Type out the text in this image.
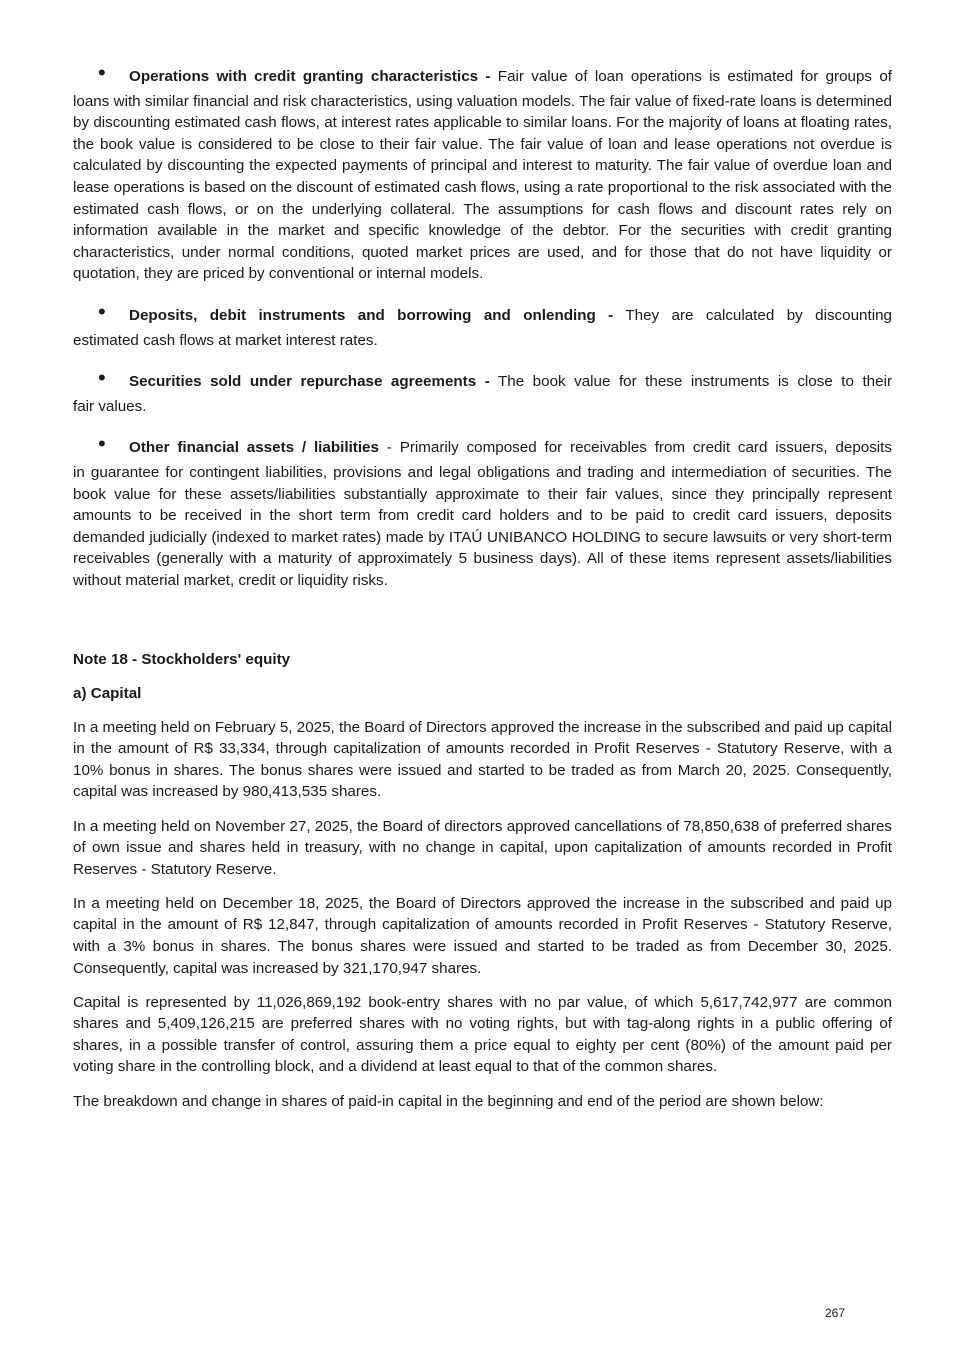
• Operations with credit granting characteristics - Fair value of loan operations is estimated for groups of
loans with similar financial and risk characteristics, using valuation models. The fair value of fixed-rate loans is determined by discounting estimated cash flows, at interest rates applicable to similar loans. For the majority of loans at floating rates, the book value is considered to be close to their fair value. The fair value of loan and lease operations not overdue is calculated by discounting the expected payments of principal and interest to maturity. The fair value of overdue loan and lease operations is based on the discount of estimated cash flows, using a rate proportional to the risk associated with the estimated cash flows, or on the underlying collateral. The assumptions for cash flows and discount rates rely on information available in the market and specific knowledge of the debtor. For the securities with credit granting characteristics, under normal conditions, quoted market prices are used, and for those that do not have liquidity or quotation, they are priced by conventional or internal models.
• Deposits, debit instruments and borrowing and onlending - They are calculated by discounting
estimated cash flows at market interest rates.
• Securities sold under repurchase agreements - The book value for these instruments is close to their
fair values.
• Other financial assets / liabilities - Primarily composed for receivables from credit card issuers, deposits
in guarantee for contingent liabilities, provisions and legal obligations and trading and intermediation of securities. The book value for these assets/liabilities substantially approximate to their fair values, since they principally represent amounts to be received in the short term from credit card holders and to be paid to credit card issuers, deposits demanded judicially (indexed to market rates) made by ITAÚ UNIBANCO HOLDING to secure lawsuits or very short-term receivables (generally with a maturity of approximately 5 business days). All of these items represent assets/liabilities without material market, credit or liquidity risks.
Note 18 - Stockholders' equity
a) Capital

In a meeting held on February 5, 2025, the Board of Directors approved the increase in the subscribed and paid up capital in the amount of R$ 33,334, through capitalization of amounts recorded in Profit Reserves - Statutory Reserve, with a 10% bonus in shares. The bonus shares were issued and started to be traded as from March 20, 2025. Consequently, capital was increased by 980,413,535 shares.

In a meeting held on November 27, 2025, the Board of directors approved cancellations of 78,850,638 of preferred shares of own issue and shares held in treasury, with no change in capital, upon capitalization of amounts recorded in Profit Reserves - Statutory Reserve.

In a meeting held on December 18, 2025, the Board of Directors approved the increase in the subscribed and paid up capital in the amount of R$ 12,847, through capitalization of amounts recorded in Profit Reserves - Statutory Reserve, with a 3% bonus in shares. The bonus shares were issued and started to be traded as from December 30, 2025. Consequently, capital was increased by 321,170,947 shares.

Capital is represented by 11,026,869,192 book-entry shares with no par value, of which 5,617,742,977 are common shares and 5,409,126,215 are preferred shares with no voting rights, but with tag-along rights in a public offering of shares, in a possible transfer of control, assuring them a price equal to eighty per cent (80%) of the amount paid per voting share in the controlling block, and a dividend at least equal to that of the common shares.

The breakdown and change in shares of paid-in capital in the beginning and end of the period are shown below:

267
